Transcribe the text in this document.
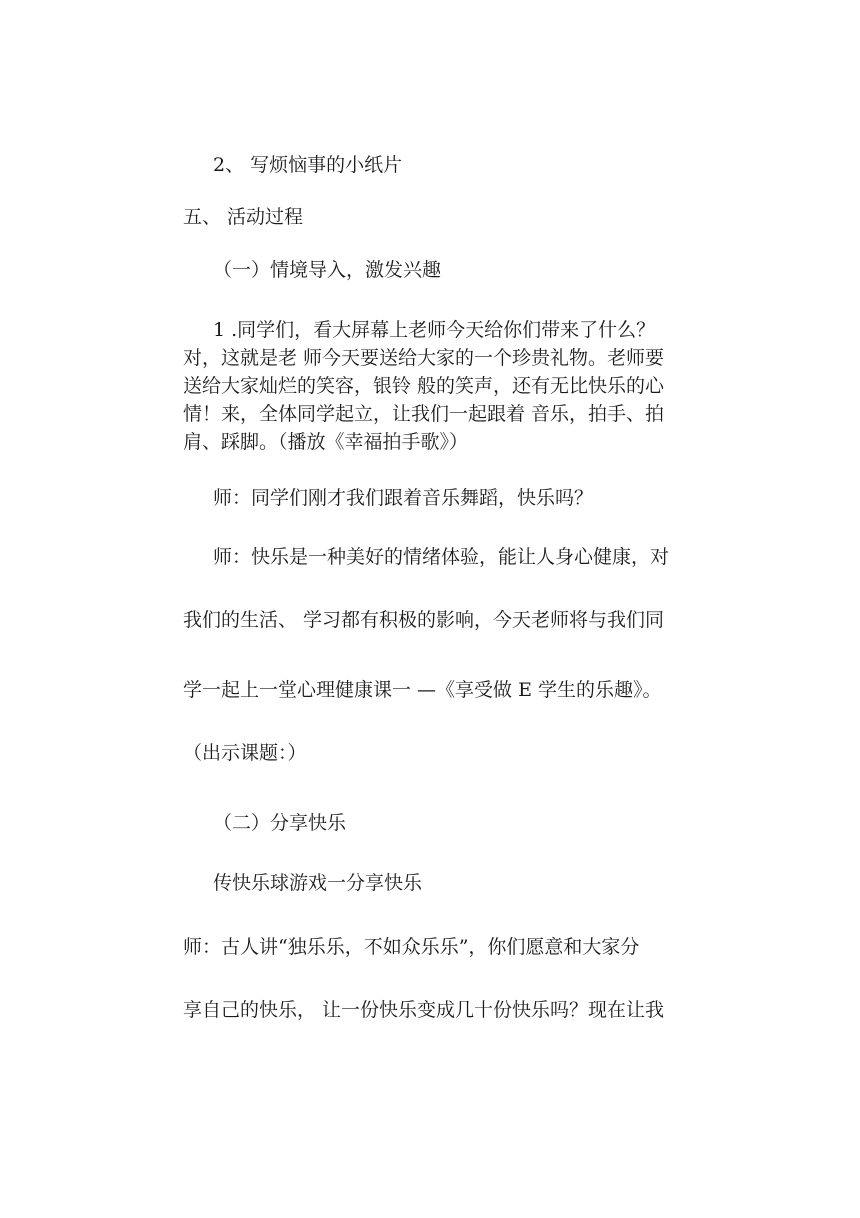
2、 写烦恼事的小纸片

五、 活动过程

（一）情境导入，激发兴趣

1 .同学们，看大屏幕上老师今天给你们带来了什么？
对，这就是老 师今天要送给大家的一个珍贵礼物。老师要
送给大家灿烂的笑容，银铃 般的笑声，还有无比快乐的心
情！来，全体同学起立，让我们一起跟着 音乐，拍手、拍
肩、踩脚。（播放《幸福拍手歌》）

师：同学们刚才我们跟着音乐舞蹈，快乐吗？

师：快乐是一种美好的情绪体验，能让人身心健康，对

我们的生活、 学习都有积极的影响，今天老师将与我们同

学一起上一堂心理健康课一 —《享受做 E 学生的乐趣》。

（出示课题：）

（二）分享快乐

传快乐球游戏一分享快乐

师：古人讲“独乐乐，不如众乐乐”，你们愿意和大家分

享自己的快乐， 让一份快乐变成几十份快乐吗？现在让我
